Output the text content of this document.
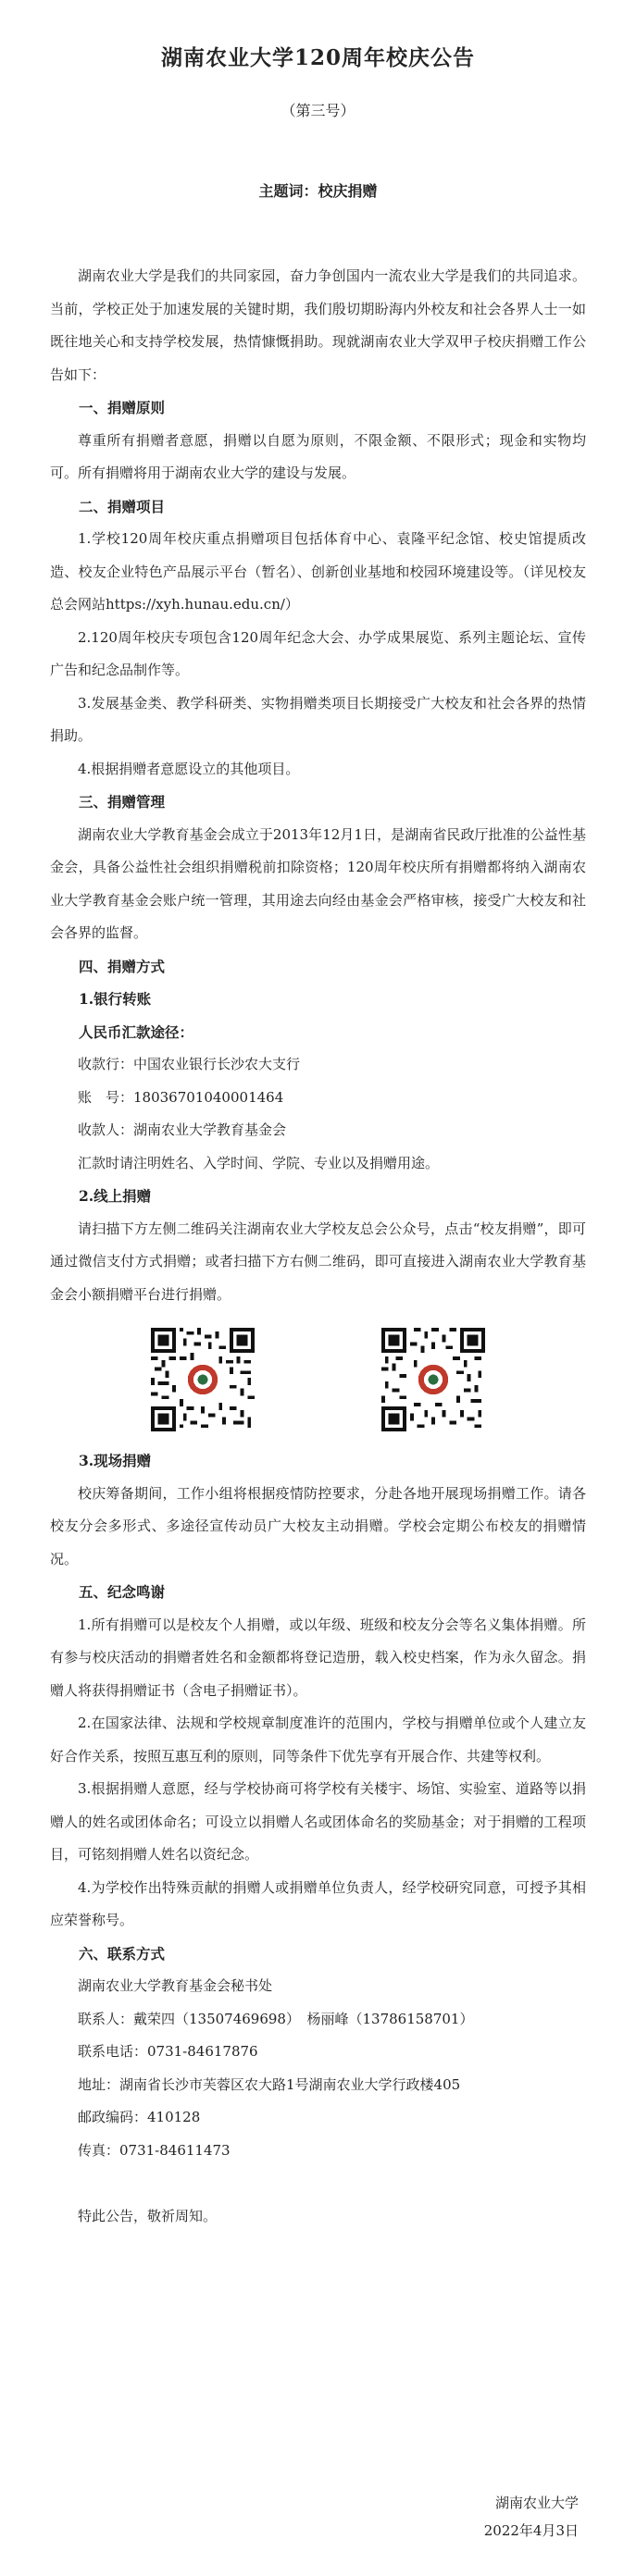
湖南农业大学120周年校庆公告
（第三号）
主题词：校庆捐赠

湖南农业大学是我们的共同家园，奋力争创国内一流农业大学是我们的共同追求。当前，学校正处于加速发展的关键时期，我们殷切期盼海内外校友和社会各界人士一如既往地关心和支持学校发展，热情慷慨捐助。现就湖南农业大学双甲子校庆捐赠工作公告如下：

一、捐赠原则

尊重所有捐赠者意愿，捐赠以自愿为原则，不限金额、不限形式；现金和实物均可。所有捐赠将用于湖南农业大学的建设与发展。

二、捐赠项目

1.学校120周年校庆重点捐赠项目包括体育中心、袁隆平纪念馆、校史馆提质改造、校友企业特色产品展示平台（暂名）、创新创业基地和校园环境建设等。（详见校友总会网站https://xyh.hunau.edu.cn/）

2.120周年校庆专项包含120周年纪念大会、办学成果展览、系列主题论坛、宣传广告和纪念品制作等。

3.发展基金类、教学科研类、实物捐赠类项目长期接受广大校友和社会各界的热情捐助。

4.根据捐赠者意愿设立的其他项目。

三、捐赠管理

湖南农业大学教育基金会成立于2013年12月1日，是湖南省民政厅批准的公益性基金会，具备公益性社会组织捐赠税前扣除资格；120周年校庆所有捐赠都将纳入湖南农业大学教育基金会账户统一管理，其用途去向经由基金会严格审核，接受广大校友和社会各界的监督。

四、捐赠方式

1.银行转账

人民币汇款途径：

收款行：中国农业银行长沙农大支行

账　号：18036701040001464

收款人：湖南农业大学教育基金会

汇款时请注明姓名、入学时间、学院、专业以及捐赠用途。

2.线上捐赠

请扫描下方左侧二维码关注湖南农业大学校友总会公众号，点击“校友捐赠”，即可通过微信支付方式捐赠；或者扫描下方右侧二维码，即可直接进入湖南农业大学教育基金会小额捐赠平台进行捐赠。

3.现场捐赠

校庆筹备期间，工作小组将根据疫情防控要求，分赴各地开展现场捐赠工作。请各校友分会多形式、多途径宣传动员广大校友主动捐赠。学校会定期公布校友的捐赠情况。

五、纪念鸣谢

1.所有捐赠可以是校友个人捐赠，或以年级、班级和校友分会等名义集体捐赠。所有参与校庆活动的捐赠者姓名和金额都将登记造册，载入校史档案，作为永久留念。捐赠人将获得捐赠证书（含电子捐赠证书）。

2.在国家法律、法规和学校规章制度准许的范围内，学校与捐赠单位或个人建立友好合作关系，按照互惠互利的原则，同等条件下优先享有开展合作、共建等权利。

3.根据捐赠人意愿，经与学校协商可将学校有关楼宇、场馆、实验室、道路等以捐赠人的姓名或团体命名；可设立以捐赠人名或团体命名的奖励基金；对于捐赠的工程项目，可铭刻捐赠人姓名以资纪念。

4.为学校作出特殊贡献的捐赠人或捐赠单位负责人，经学校研究同意，可授予其相应荣誉称号。

六、联系方式

湖南农业大学教育基金会秘书处

联系人：戴荣四（13507469698）　杨丽峰（13786158701）

联系电话：0731-84617876

地址：湖南省长沙市芙蓉区农大路1号湖南农业大学行政楼405

邮政编码：410128

传真：0731-84611473

特此公告，敬祈周知。

湖南农业大学
2022年4月3日
